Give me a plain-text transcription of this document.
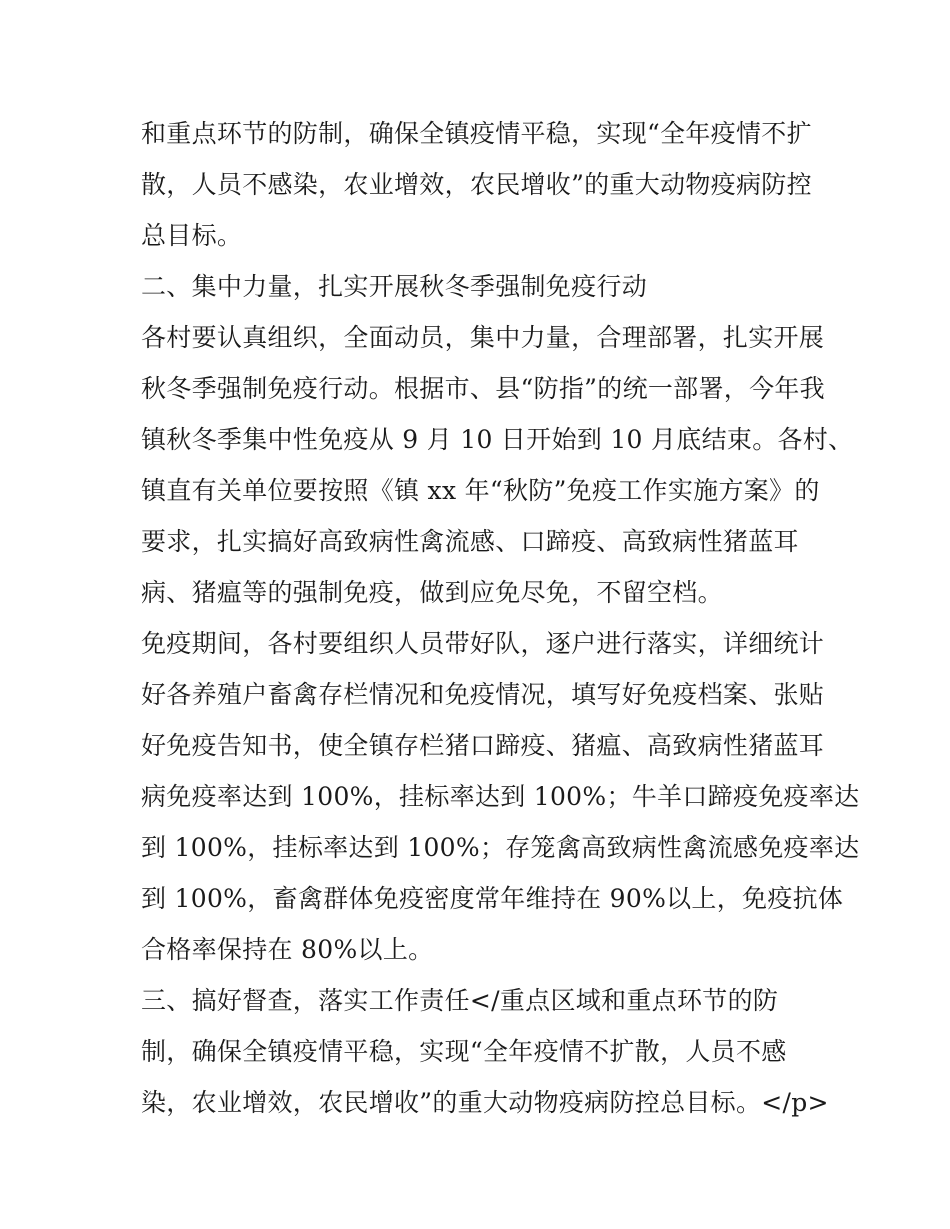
和重点环节的防制，确保全镇疫情平稳，实现“全年疫情不扩
散，人员不感染，农业增效，农民增收”的重大动物疫病防控
总目标。
二、集中力量，扎实开展秋冬季强制免疫行动
各村要认真组织，全面动员，集中力量，合理部署，扎实开展
秋冬季强制免疫行动。根据市、县“防指”的统一部署，今年我
镇秋冬季集中性免疫从 9 月 10 日开始到 10 月底结束。各村、
镇直有关单位要按照《镇 xx 年“秋防”免疫工作实施方案》的
要求，扎实搞好高致病性禽流感、口蹄疫、高致病性猪蓝耳
病、猪瘟等的强制免疫，做到应免尽免，不留空档。
免疫期间，各村要组织人员带好队，逐户进行落实，详细统计
好各养殖户畜禽存栏情况和免疫情况，填写好免疫档案、张贴
好免疫告知书，使全镇存栏猪口蹄疫、猪瘟、高致病性猪蓝耳
病免疫率达到 100%，挂标率达到 100%；牛羊口蹄疫免疫率达
到 100%，挂标率达到 100%；存笼禽高致病性禽流感免疫率达
到 100%，畜禽群体免疫密度常年维持在 90%以上，免疫抗体
合格率保持在 80%以上。
三、搞好督查，落实工作责任</重点区域和重点环节的防
制，确保全镇疫情平稳，实现“全年疫情不扩散，人员不感
染，农业增效，农民增收”的重大动物疫病防控总目标。</p>
